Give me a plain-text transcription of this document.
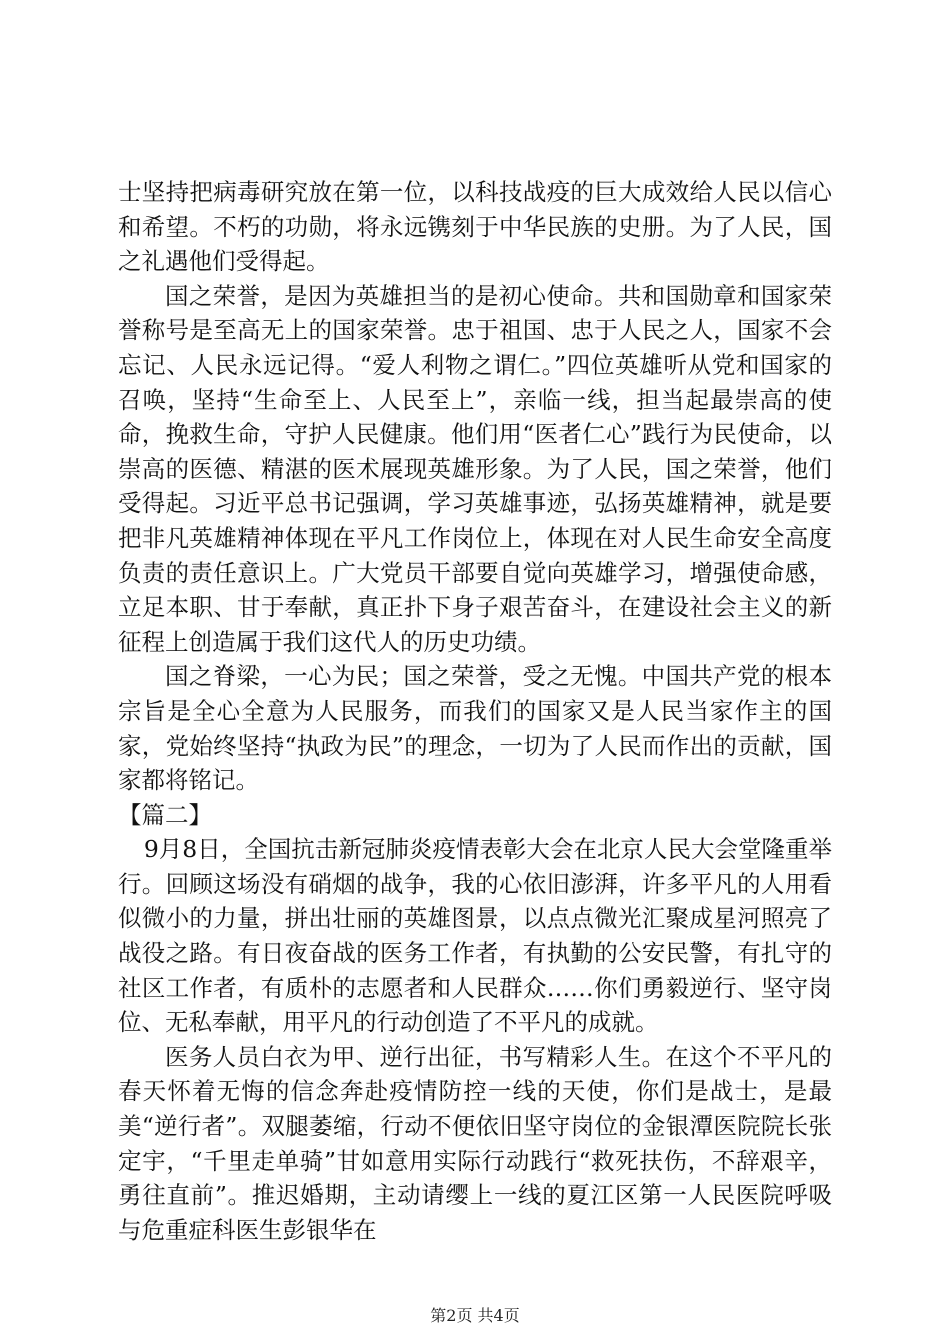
士坚持把病毒研究放在第一位，以科技战疫的巨大成效给人民以信心和希望。不朽的功勋，将永远镌刻于中华民族的史册。为了人民，国之礼遇他们受得起。

国之荣誉，是因为英雄担当的是初心使命。共和国勋章和国家荣誉称号是至高无上的国家荣誉。忠于祖国、忠于人民之人，国家不会忘记、人民永远记得。“爱人利物之谓仁。”四位英雄听从党和国家的召唤，坚持“生命至上、人民至上”，亲临一线，担当起最崇高的使命，挽救生命，守护人民健康。他们用“医者仁心”践行为民使命，以崇高的医德、精湛的医术展现英雄形象。为了人民，国之荣誉，他们受得起。习近平总书记强调，学习英雄事迹，弘扬英雄精神，就是要把非凡英雄精神体现在平凡工作岗位上，体现在对人民生命安全高度负责的责任意识上。广大党员干部要自觉向英雄学习，增强使命感，立足本职、甘于奉献，真正扑下身子艰苦奋斗，在建设社会主义的新征程上创造属于我们这代人的历史功绩。

国之脊梁，一心为民；国之荣誉，受之无愧。中国共产党的根本宗旨是全心全意为人民服务，而我们的国家又是人民当家作主的国家，党始终坚持“执政为民”的理念，一切为了人民而作出的贡献，国家都将铭记。

【篇二】

9月8日，全国抗击新冠肺炎疫情表彰大会在北京人民大会堂隆重举行。回顾这场没有硝烟的战争，我的心依旧澎湃，许多平凡的人用看似微小的力量，拼出壮丽的英雄图景，以点点微光汇聚成星河照亮了战役之路。有日夜奋战的医务工作者，有执勤的公安民警，有扎守的社区工作者，有质朴的志愿者和人民群众……你们勇毅逆行、坚守岗位、无私奉献，用平凡的行动创造了不平凡的成就。

医务人员白衣为甲、逆行出征，书写精彩人生。在这个不平凡的春天怀着无悔的信念奔赴疫情防控一线的天使，你们是战士，是最美“逆行者”。双腿萎缩，行动不便依旧坚守岗位的金银潭医院院长张定宇，“千里走单骑”甘如意用实际行动践行“救死扶伤，不辞艰辛，勇往直前”。推迟婚期，主动请缨上一线的夏江区第一人民医院呼吸与危重症科医生彭银华在

第2页 共4页
